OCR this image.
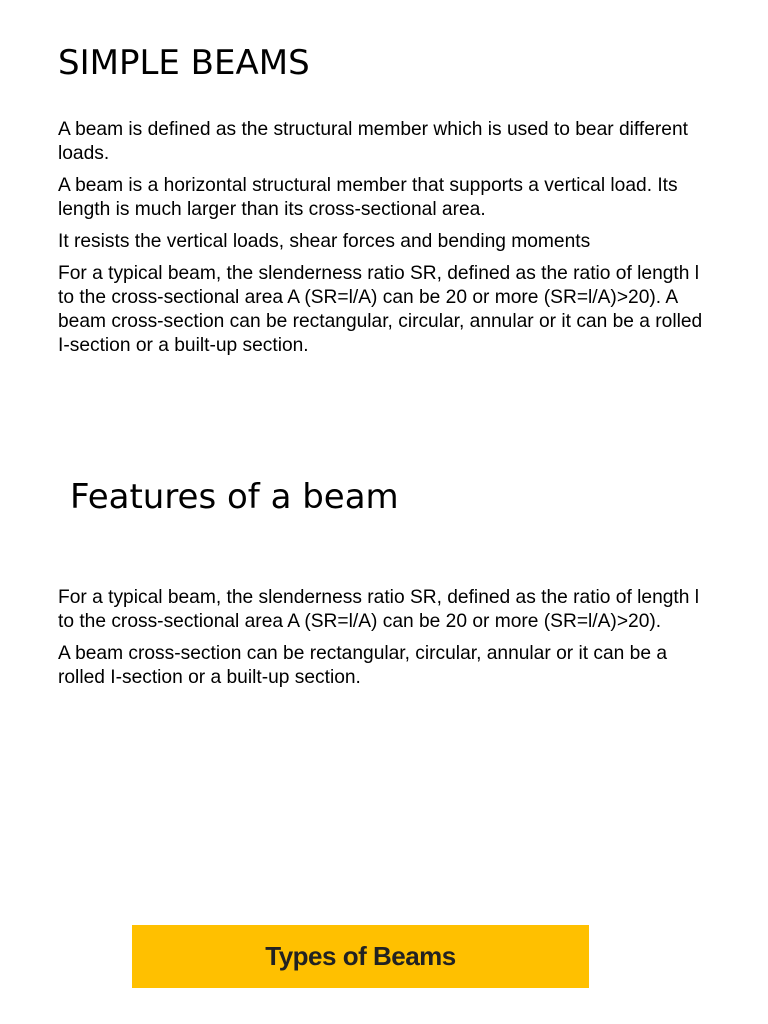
SIMPLE BEAMS

A beam is defined as the structural member which is used to bear different loads.

A beam is a horizontal structural member that supports a vertical load. Its length is much larger than its cross-sectional area.

It resists the vertical loads, shear forces and bending moments

For a typical beam, the slenderness ratio SR, defined as the ratio of length l to the cross-sectional area A (SR=l/A) can be 20 or more (SR=l/A)>20). A beam cross-section can be rectangular, circular, annular or it can be a rolled I-section or a built-up section.

Features of a beam

For a typical beam, the slenderness ratio SR, defined as the ratio of length l to the cross-sectional area A (SR=l/A) can be 20 or more (SR=l/A)>20).

A beam cross-section can be rectangular, circular, annular or it can be a rolled I-section or a built-up section.

Types of Beams
